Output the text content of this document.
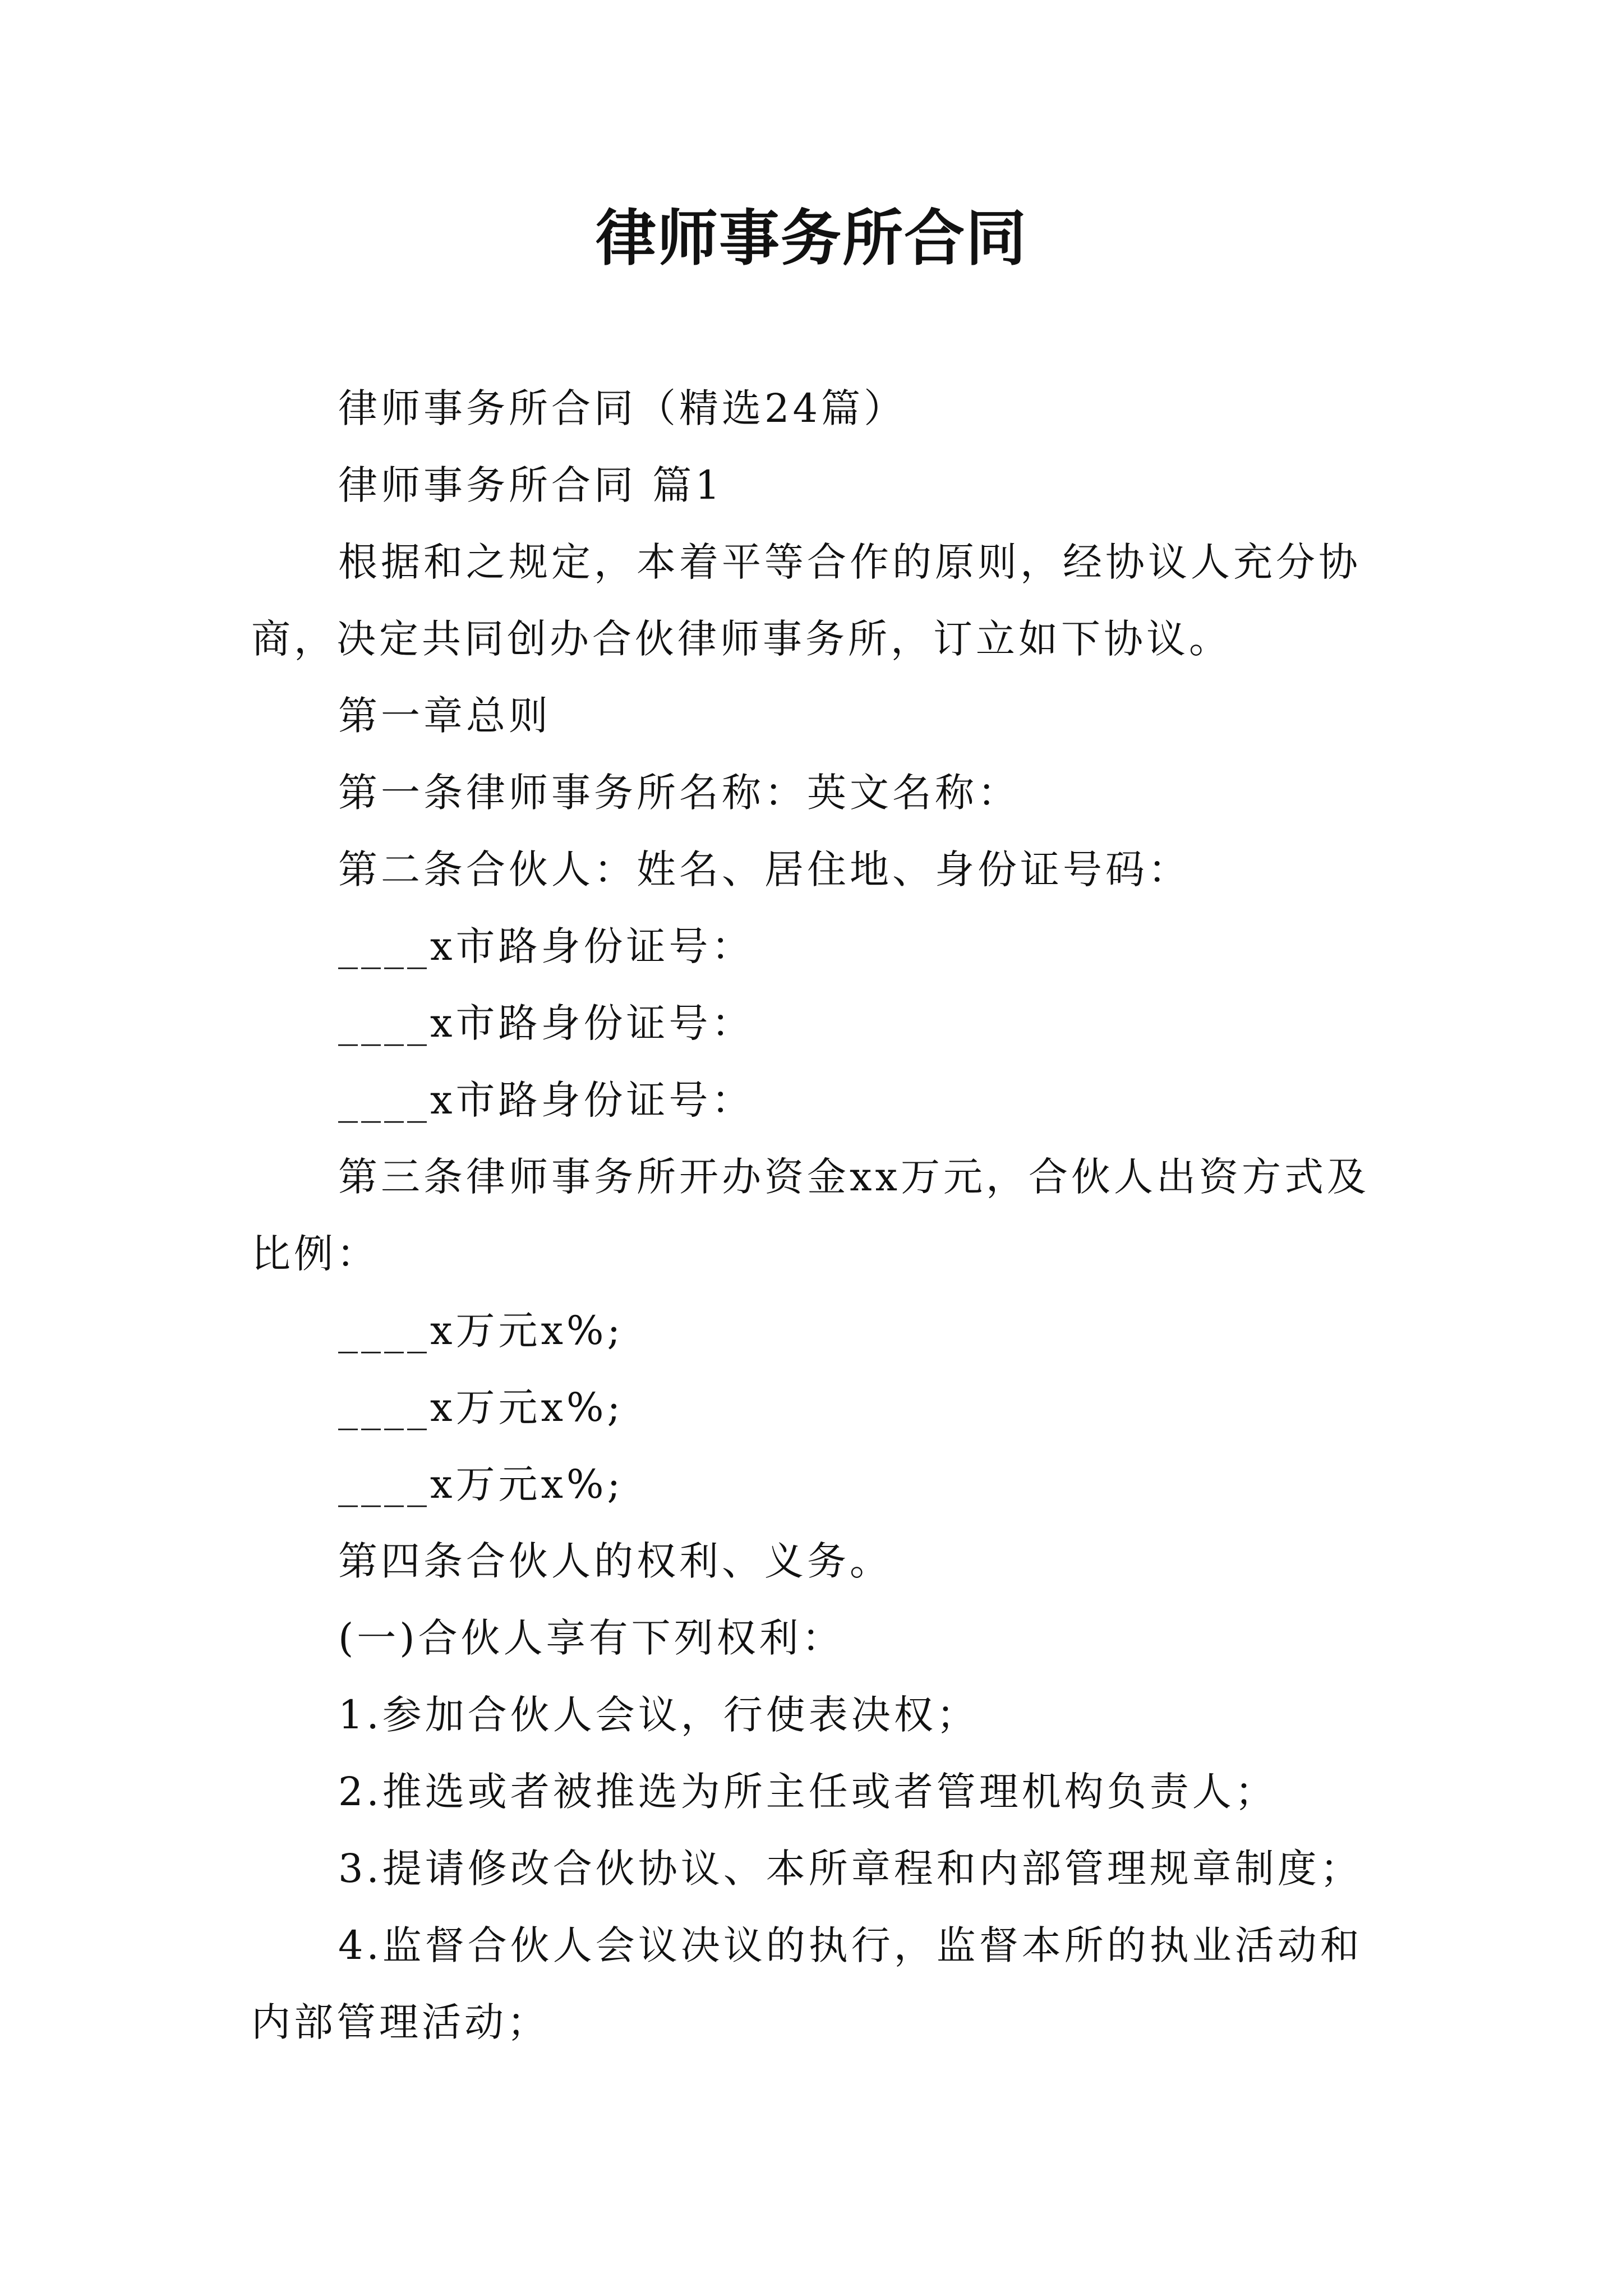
律师事务所合同

律师事务所合同（精选24篇）

律师事务所合同 篇1

根据和之规定，本着平等合作的原则，经协议人充分协商，决定共同创办合伙律师事务所，订立如下协议。

第一章总则

第一条律师事务所名称：英文名称：

第二条合伙人：姓名、居住地、身份证号码：

____x市路身份证号：

____x市路身份证号：

____x市路身份证号：

第三条律师事务所开办资金xx万元，合伙人出资方式及比例：

____x万元x%;

____x万元x%;

____x万元x%;

第四条合伙人的权利、义务。

(一)合伙人享有下列权利：

1.参加合伙人会议，行使表决权；

2.推选或者被推选为所主任或者管理机构负责人；

3.提请修改合伙协议、本所章程和内部管理规章制度；

4.监督合伙人会议决议的执行，监督本所的执业活动和内部管理活动；
